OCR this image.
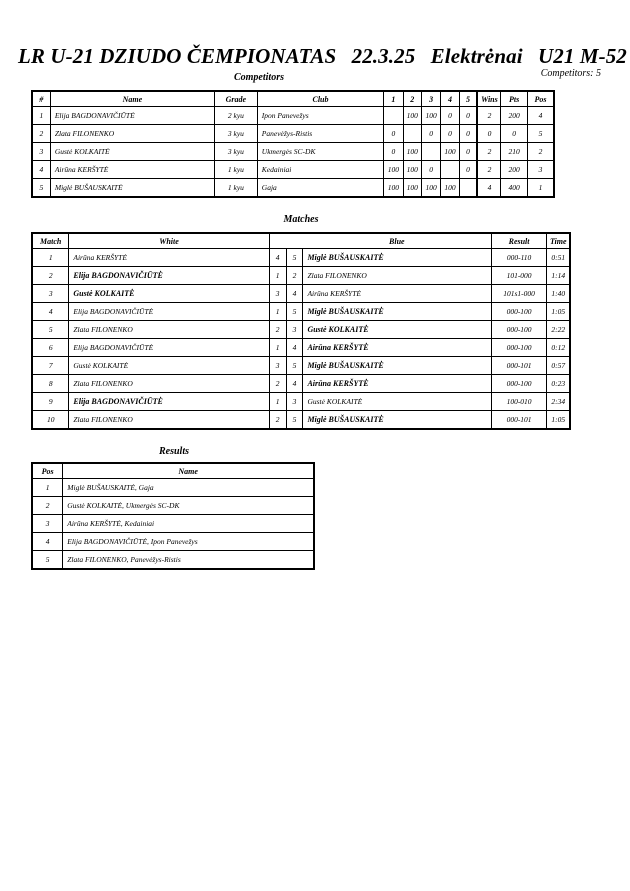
LR U-21 DZIUDO ČEMPIONATAS 22.3.25 Elektrėnai U21 M-52
Competitors	Competitors: 5
#	Name	Grade	Club	1	2	3	4	5	Wins	Pts	Pos
1	Elija BAGDONAVIČIŪTĖ	2 kyu	Ipon Panevežys		100	100	0	0	2	200	4
2	Zlata FILONENKO	3 kyu	Panevėžys-Ristis	0		0	0	0	0	0	5
3	Gustė KOLKAITĖ	3 kyu	Ukmergės SC-DK	0	100		100	0	2	210	2
4	Airūna KERŠYTĖ	1 kyu	Kedainiai	100	100	0		0	2	200	3
5	Miglė BUŠAUSKAITĖ	1 kyu	Gaja	100	100	100	100		4	400	1
Matches
Match	White			Blue	Result	Time
1	Airūna KERŠYTĖ	4	5	Miglė BUŠAUSKAITĖ	000-110	0:51
2	Elija BAGDONAVIČIŪTĖ	1	2	Zlata FILONENKO	101-000	1:14
3	Gustė KOLKAITĖ	3	4	Airūna KERŠYTĖ	101s1-000	1:40
4	Elija BAGDONAVIČIŪTĖ	1	5	Miglė BUŠAUSKAITĖ	000-100	1:05
5	Zlata FILONENKO	2	3	Gustė KOLKAITĖ	000-100	2:22
6	Elija BAGDONAVIČIŪTĖ	1	4	Airūna KERŠYTĖ	000-100	0:12
7	Gustė KOLKAITĖ	3	5	Miglė BUŠAUSKAITĖ	000-101	0:57
8	Zlata FILONENKO	2	4	Airūna KERŠYTĖ	000-100	0:23
9	Elija BAGDONAVIČIŪTĖ	1	3	Gustė KOLKAITĖ	100-010	2:34
10	Zlata FILONENKO	2	5	Miglė BUŠAUSKAITĖ	000-101	1:05
Results
Pos	Name
1	Miglė BUŠAUSKAITĖ, Gaja
2	Gustė KOLKAITĖ, Ukmergės SC-DK
3	Airūna KERŠYTĖ, Kedainiai
4	Elija BAGDONAVIČIŪTĖ, Ipon Panevežys
5	Zlata FILONENKO, Panevėžys-Ristis
